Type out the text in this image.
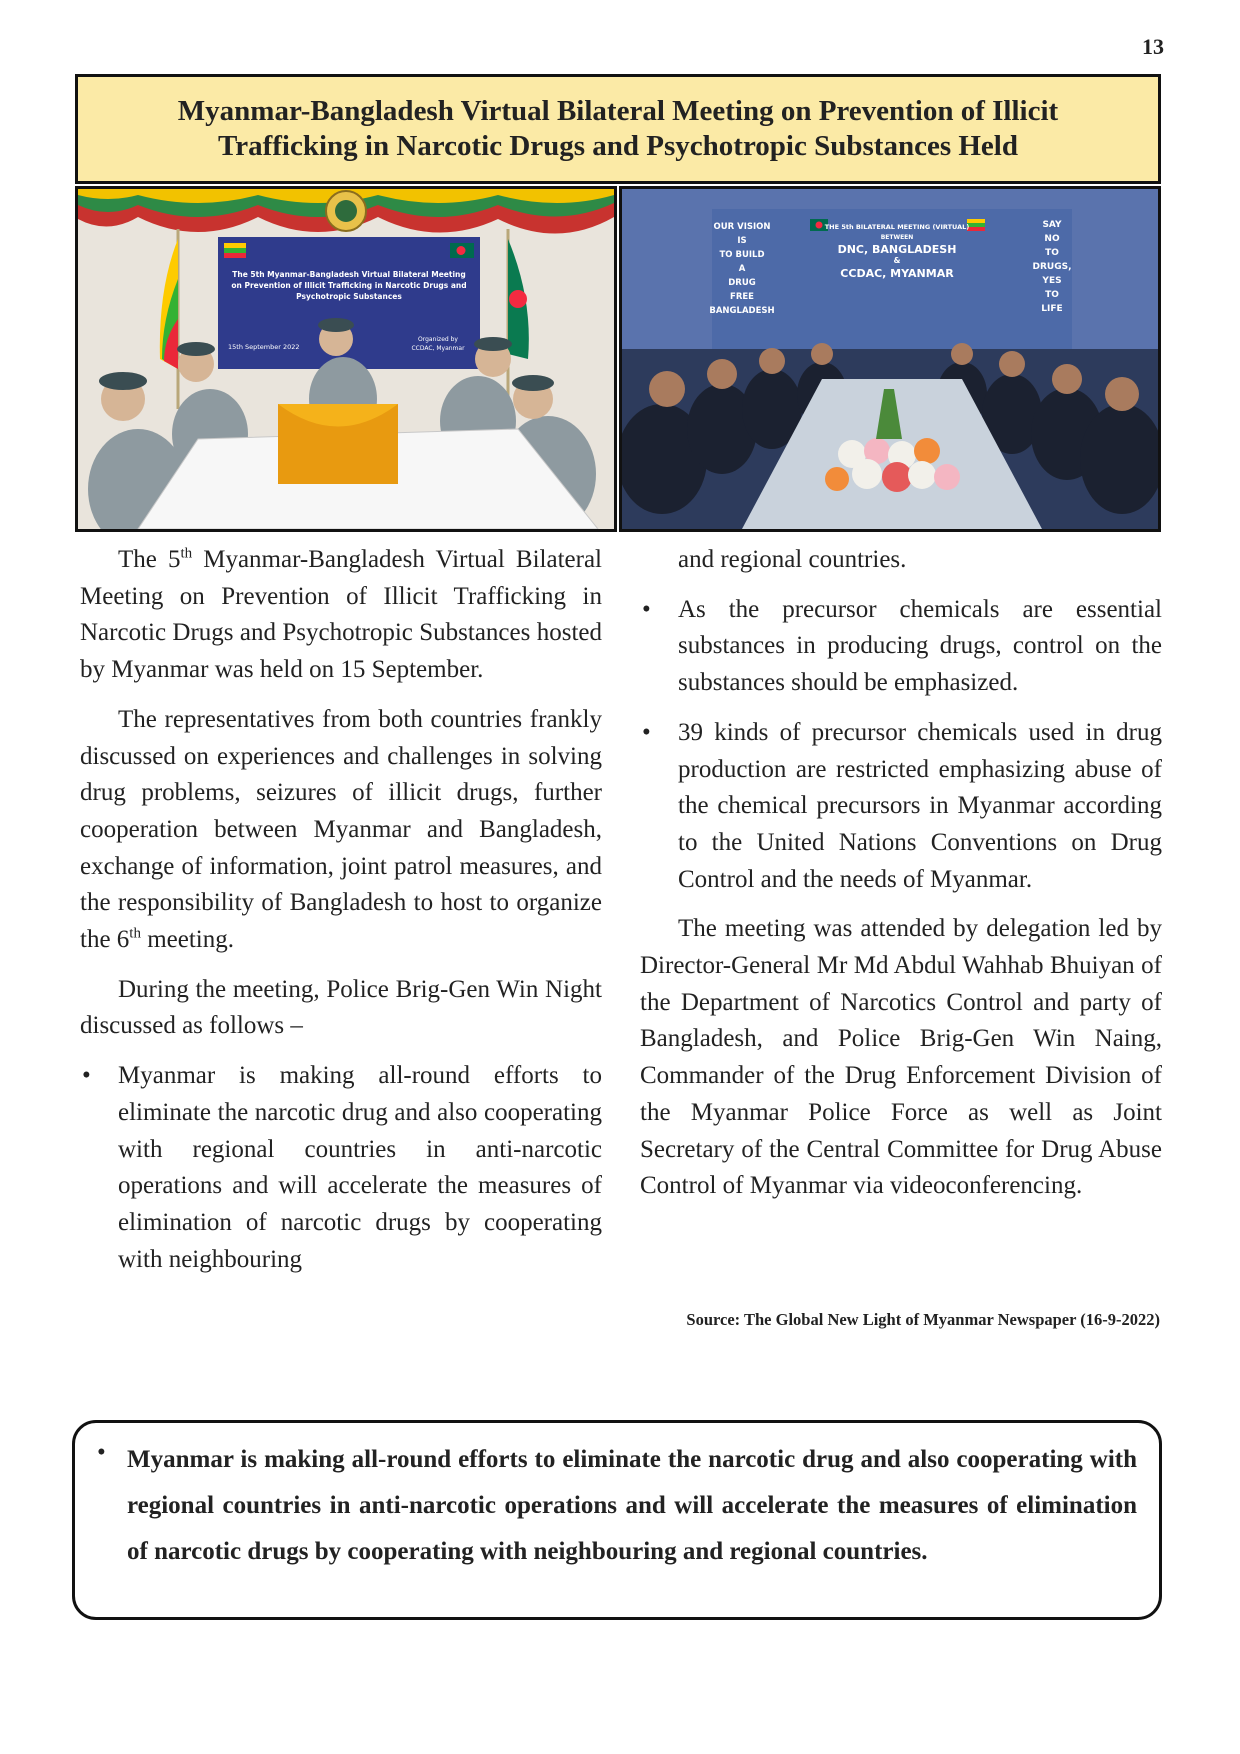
13
Myanmar-Bangladesh Virtual Bilateral Meeting on Prevention of Illicit
Trafficking in Narcotic Drugs and Psychotropic Substances Held
The 5th Myanmar-Bangladesh Virtual Bilateral Meeting
on Prevention of Illicit Trafficking in Narcotic Drugs and
Psychotropic Substances
15th September 2022
Organized by
CCDAC, Myanmar
OUR VISION
IS
TO BUILD
A
DRUG
FREE
BANGLADESH
THE 5th BILATERAL MEETING (VIRTUAL)
BETWEEN
DNC, BANGLADESH
&
CCDAC, MYANMAR
SAY
NO
TO
DRUGS,
YES
TO
LIFE

The 5th Myanmar-Bangladesh Virtual Bilateral Meeting on Prevention of Illicit Trafficking in Narcotic Drugs and Psychotropic Substances hosted by Myanmar was held on 15 September.

The representatives from both countries frankly discussed on experiences and challenges in solving drug problems, seizures of illicit drugs, further cooperation between Myanmar and Bangladesh, exchange of information, joint patrol measures, and the responsibility of Bangladesh to host to organize the 6th meeting.

During the meeting, Police Brig-Gen Win Night discussed as follows –

• Myanmar is making all-round efforts to eliminate the narcotic drug and also cooperating with regional countries in anti-narcotic operations and will accelerate the measures of elimination of narcotic drugs by cooperating with neighbouring
and regional countries.
• As the precursor chemicals are essential substances in producing drugs, control on the substances should be emphasized.
• 39 kinds of precursor chemicals used in drug production are restricted emphasizing abuse of the chemical precursors in Myanmar according to the United Nations Conventions on Drug Control and the needs of Myanmar.

The meeting was attended by delegation led by Director-General Mr Md Abdul Wahhab Bhuiyan of the Department of Narcotics Control and party of Bangladesh, and Police Brig-Gen Win Naing, Commander of the Drug Enforcement Division of the Myanmar Police Force as well as Joint Secretary of the Central Committee for Drug Abuse Control of Myanmar via videoconferencing.

Source: The Global New Light of Myanmar Newspaper (16-9-2022)
• Myanmar is making all-round efforts to eliminate the narcotic drug and also cooperating with regional countries in anti-narcotic operations and will accelerate the measures of elimination of narcotic drugs by cooperating with neighbouring and regional countries.
